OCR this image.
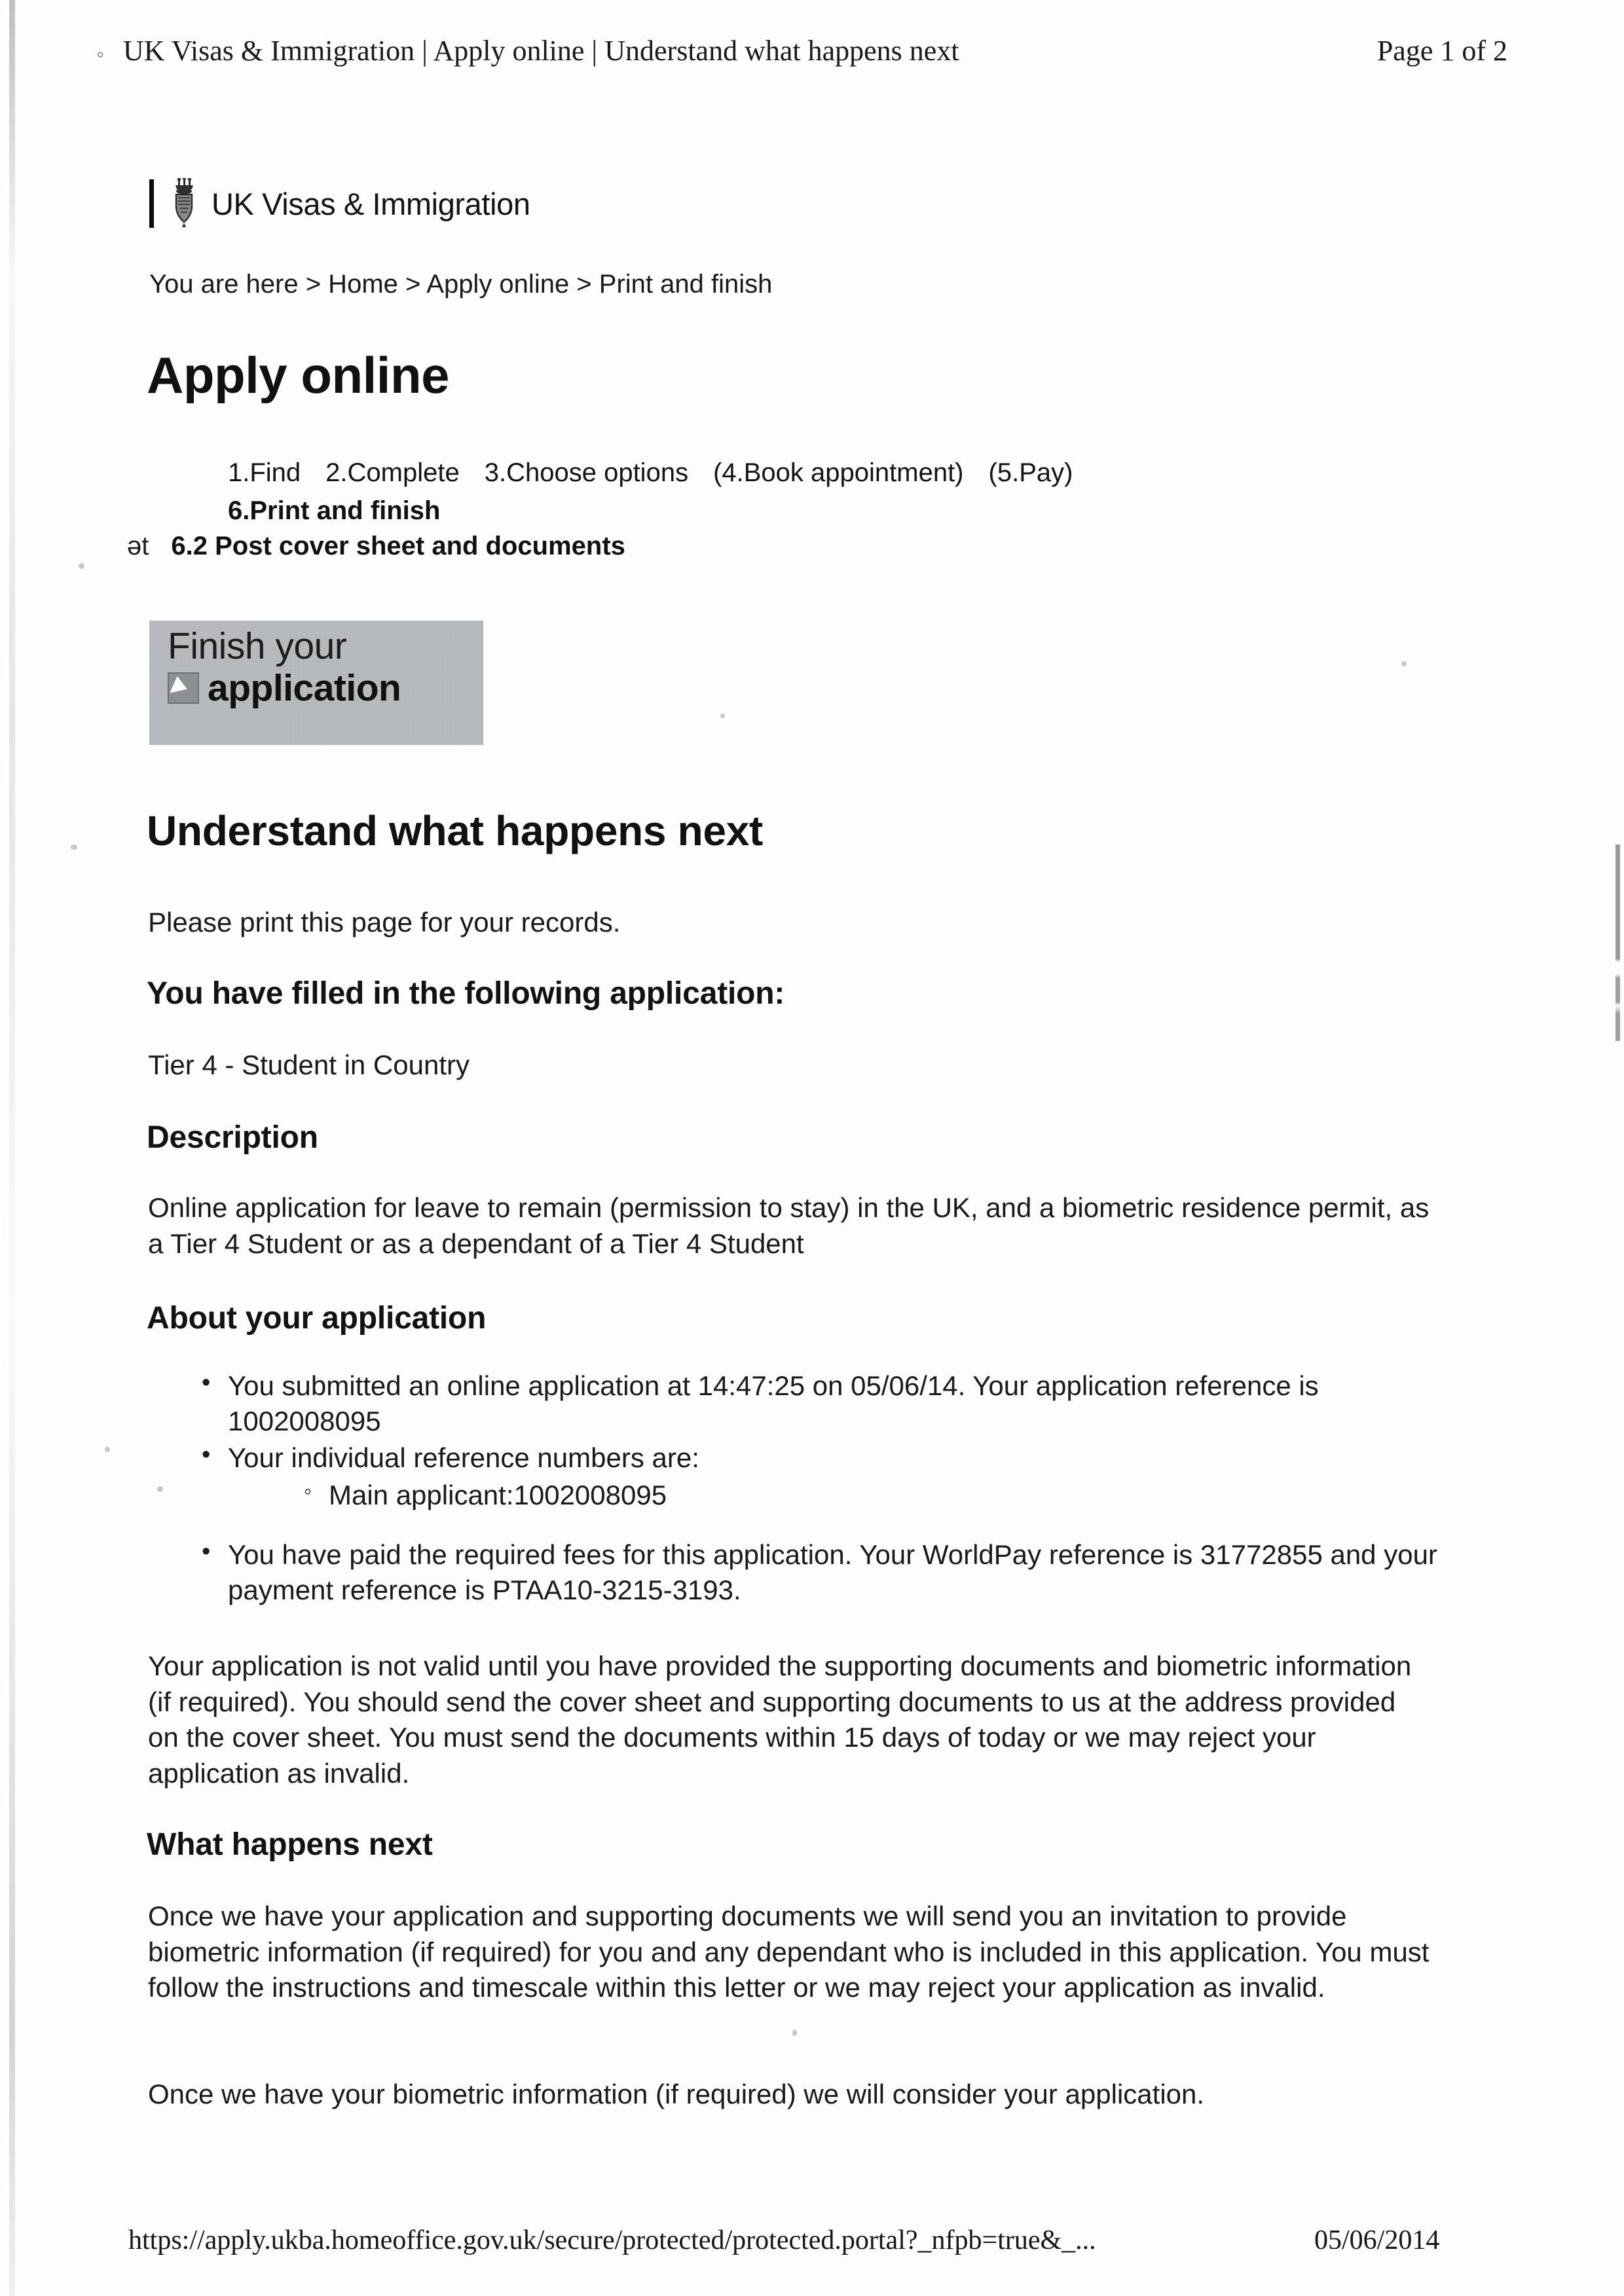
° UK Visas & Immigration | Apply online | Understand what happens next	Page 1 of 2
UK Visas & Immigration
You are here > Home > Apply online > Print and finish
Apply online
1.Find 2.Complete 3.Choose options (4.Book appointment) (5.Pay)
6.Print and finish
ət 6.2 Post cover sheet and documents
Finish your
application
Understand what happens next
Please print this page for your records.
You have filled in the following application:
Tier 4 - Student in Country
Description
Online application for leave to remain (permission to stay) in the UK, and a biometric residence permit, as a Tier 4 Student or as a dependant of a Tier 4 Student
About your application
• You submitted an online application at 14:47:25 on 05/06/14. Your application reference is 1002008095
• Your individual reference numbers are:
◦ Main applicant:1002008095
• You have paid the required fees for this application. Your WorldPay reference is 31772855 and your payment reference is PTAA10-3215-3193.
Your application is not valid until you have provided the supporting documents and biometric information (if required). You should send the cover sheet and supporting documents to us at the address provided on the cover sheet. You must send the documents within 15 days of today or we may reject your application as invalid.
What happens next
Once we have your application and supporting documents we will send you an invitation to provide biometric information (if required) for you and any dependant who is included in this application. You must follow the instructions and timescale within this letter or we may reject your application as invalid.
Once we have your biometric information (if required) we will consider your application.
https://apply.ukba.homeoffice.gov.uk/secure/protected/protected.portal?_nfpb=true&_...	05/06/2014
